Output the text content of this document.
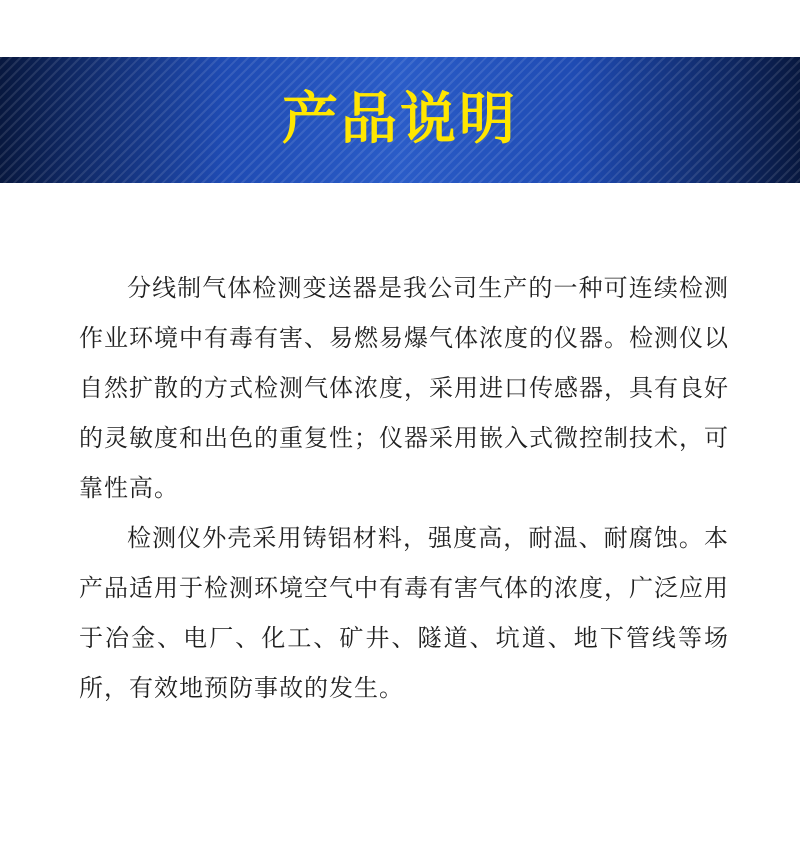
产品说明

分线制气体检测变送器是我公司生产的一种可连续检测作业环境中有毒有害、易燃易爆气体浓度的仪器。检测仪以自然扩散的方式检测气体浓度，采用进口传感器，具有良好的灵敏度和出色的重复性；仪器采用嵌入式微控制技术，可靠性高。

检测仪外壳采用铸铝材料，强度高，耐温、耐腐蚀。本产品适用于检测环境空气中有毒有害气体的浓度，广泛应用于冶金、电厂、化工、矿井、隧道、坑道、地下管线等场所，有效地预防事故的发生。
